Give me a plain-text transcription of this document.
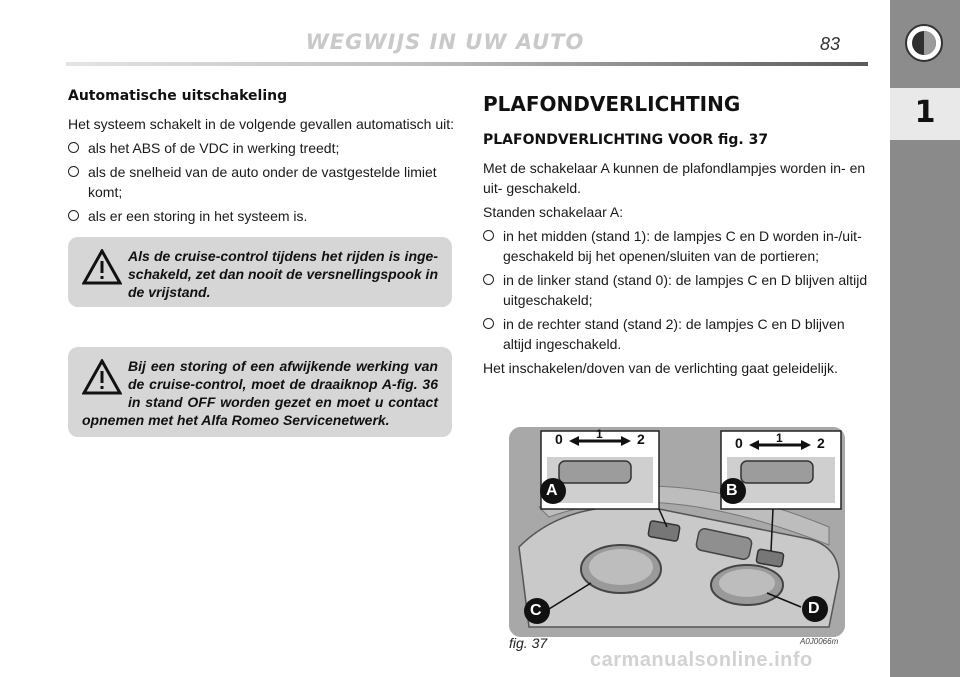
WEGWIJS IN UW AUTO	83
1
Automatische uitschakeling
Het systeem schakelt in de volgende gevallen automatisch uit:
als het ABS of de VDC in werking treedt;
als de snelheid van de auto onder de vastgestelde limiet komt;
als er een storing in het systeem is.
Als de cruise-control tijdens het rijden is inge- schakeld, zet dan nooit de versnellingspook in de vrijstand.
Bij een storing of een afwijkende werking van de cruise-control, moet de draaiknop A-fig. 36 in stand OFF worden gezet en moet u contact opnemen met het Alfa Romeo Servicenetwerk.
PLAFONDVERLICHTING
PLAFONDVERLICHTING VOOR fig. 37
Met de schakelaar A kunnen de plafondlampjes worden in- en uit- geschakeld.
Standen schakelaar A:
in het midden (stand 1): de lampjes C en D worden in-/uit- geschakeld bij het openen/sluiten van de portieren;
in de linker stand (stand 0): de lampjes C en D blijven altijd uitgeschakeld;
in de rechter stand (stand 2): de lampjes C en D blijven altijd ingeschakeld.
Het inschakelen/doven van de verlichting gaat geleidelijk.
A	B
C	D
0	1 2	0	1 2
fig. 37	A0J0066m
carmanualsonline.info
